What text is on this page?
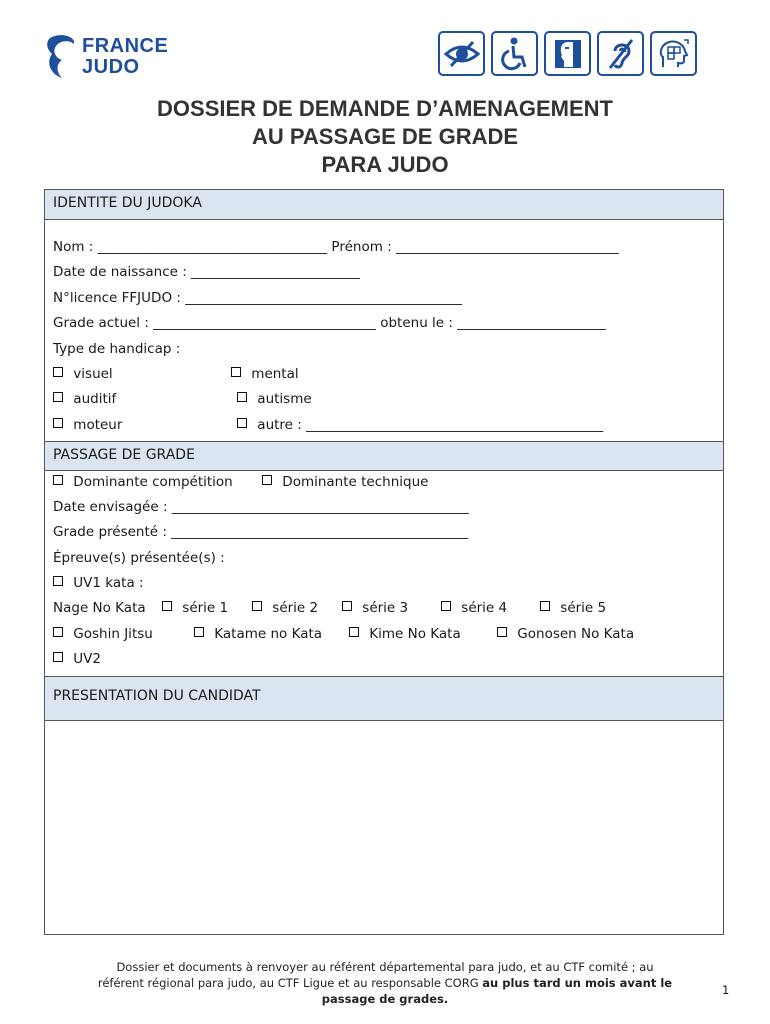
FRANCE
JUDO
DOSSIER DE DEMANDE D’AMENAGEMENT
AU PASSAGE DE GRADE
PARA JUDO
IDENTITE DU JUDOKA
Nom : __________________________________ Prénom : _________________________________
Date de naissance : _________________________
N°licence FFJUDO : _________________________________________
Grade actuel : _________________________________ obtenu le : ______________________
Type de handicap :
visuel	mental
auditif	autisme
moteur	autre : ____________________________________________
PASSAGE DE GRADE
Dominante compétition	Dominante technique
Date envisagée : ____________________________________________
Grade présenté : ____________________________________________
Épreuve(s) présentée(s) :
UV1 kata :
Nage No Kata	série 1	série 2	série 3	série 4	série 5
Goshin Jitsu	Katame no Kata	Kime No Kata	Gonosen No Kata
UV2
PRESENTATION DU CANDIDAT
Dossier et documents à renvoyer au référent départemental para judo, et au CTF comité ; au
référent régional para judo, au CTF Ligue et au responsable CORG au plus tard un mois avant le
passage de grades.
1
